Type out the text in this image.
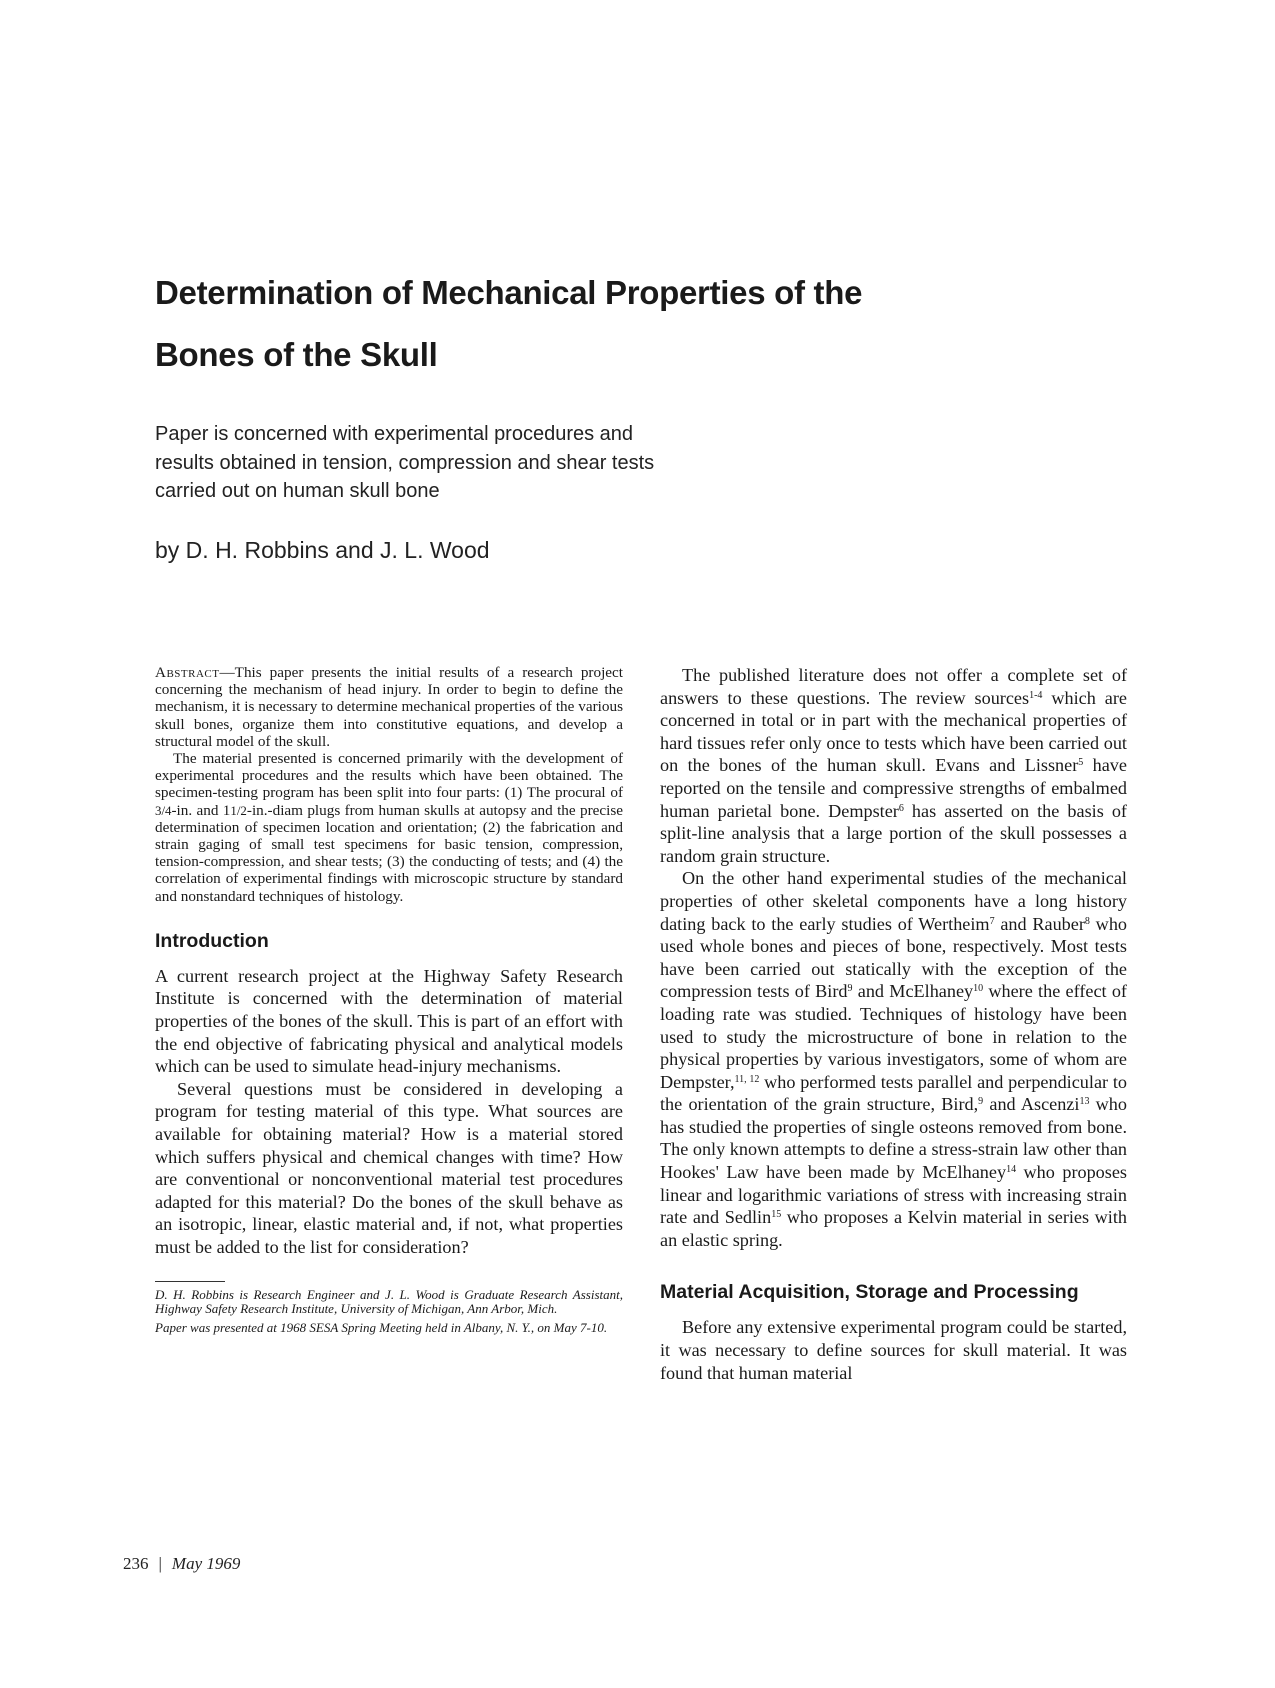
Determination of Mechanical Properties of the
Bones of the Skull
Paper is concerned with experimental procedures and
results obtained in tension, compression and shear tests
carried out on human skull bone
by D. H. Robbins and J. L. Wood

Abstract—This paper presents the initial results of a research project concerning the mechanism of head injury. In order to begin to define the mechanism, it is necessary to determine mechanical properties of the various skull bones, organize them into constitutive equations, and develop a structural model of the skull.

The material presented is concerned primarily with the development of experimental procedures and the results which have been obtained. The specimen-testing program has been split into four parts: (1) The procural of 3/4-in. and 11/2-in.-diam plugs from human skulls at autopsy and the precise determination of specimen location and orientation; (2) the fabrication and strain gaging of small test specimens for basic tension, compression, tension-compression, and shear tests; (3) the conducting of tests; and (4) the correlation of experimental findings with microscopic structure by standard and nonstandard techniques of histology.

Introduction

A current research project at the Highway Safety Research Institute is concerned with the determination of material properties of the bones of the skull. This is part of an effort with the end objective of fabricating physical and analytical models which can be used to simulate head-injury mechanisms.

Several questions must be considered in developing a program for testing material of this type. What sources are available for obtaining material? How is a material stored which suffers physical and chemical changes with time? How are conventional or nonconventional material test procedures adapted for this material? Do the bones of the skull behave as an isotropic, linear, elastic material and, if not, what properties must be added to the list for consideration?

D. H. Robbins is Research Engineer and J. L. Wood is Graduate Research Assistant, Highway Safety Research Institute, University of Michigan, Ann Arbor, Mich.

Paper was presented at 1968 SESA Spring Meeting held in Albany, N. Y., on May 7-10.

The published literature does not offer a complete set of answers to these questions. The review sources$^{1-4}$ which are concerned in total or in part with the mechanical properties of hard tissues refer only once to tests which have been carried out on the bones of the human skull. Evans and Lissner$^5$ have reported on the tensile and compressive strengths of embalmed human parietal bone. Dempster$^6$ has asserted on the basis of split-line analysis that a large portion of the skull possesses a random grain structure.

On the other hand experimental studies of the mechanical properties of other skeletal components have a long history dating back to the early studies of Wertheim$^7$ and Rauber$^8$ who used whole bones and pieces of bone, respectively. Most tests have been carried out statically with the exception of the compression tests of Bird$^9$ and McElhaney$^{10}$ where the effect of loading rate was studied. Techniques of histology have been used to study the microstructure of bone in relation to the physical properties by various investigators, some of whom are Dempster,$^{11, 12}$ who performed tests parallel and perpendicular to the orientation of the grain structure, Bird,$^9$ and Ascenzi$^{13}$ who has studied the properties of single osteons removed from bone. The only known attempts to define a stress-strain law other than Hookes' Law have been made by McElhaney$^{14}$ who proposes linear and logarithmic variations of stress with increasing strain rate and Sedlin$^{15}$ who proposes a Kelvin material in series with an elastic spring.

Material Acquisition, Storage and Processing

Before any extensive experimental program could be started, it was necessary to define sources for skull material. It was found that human material

236 | May 1969
